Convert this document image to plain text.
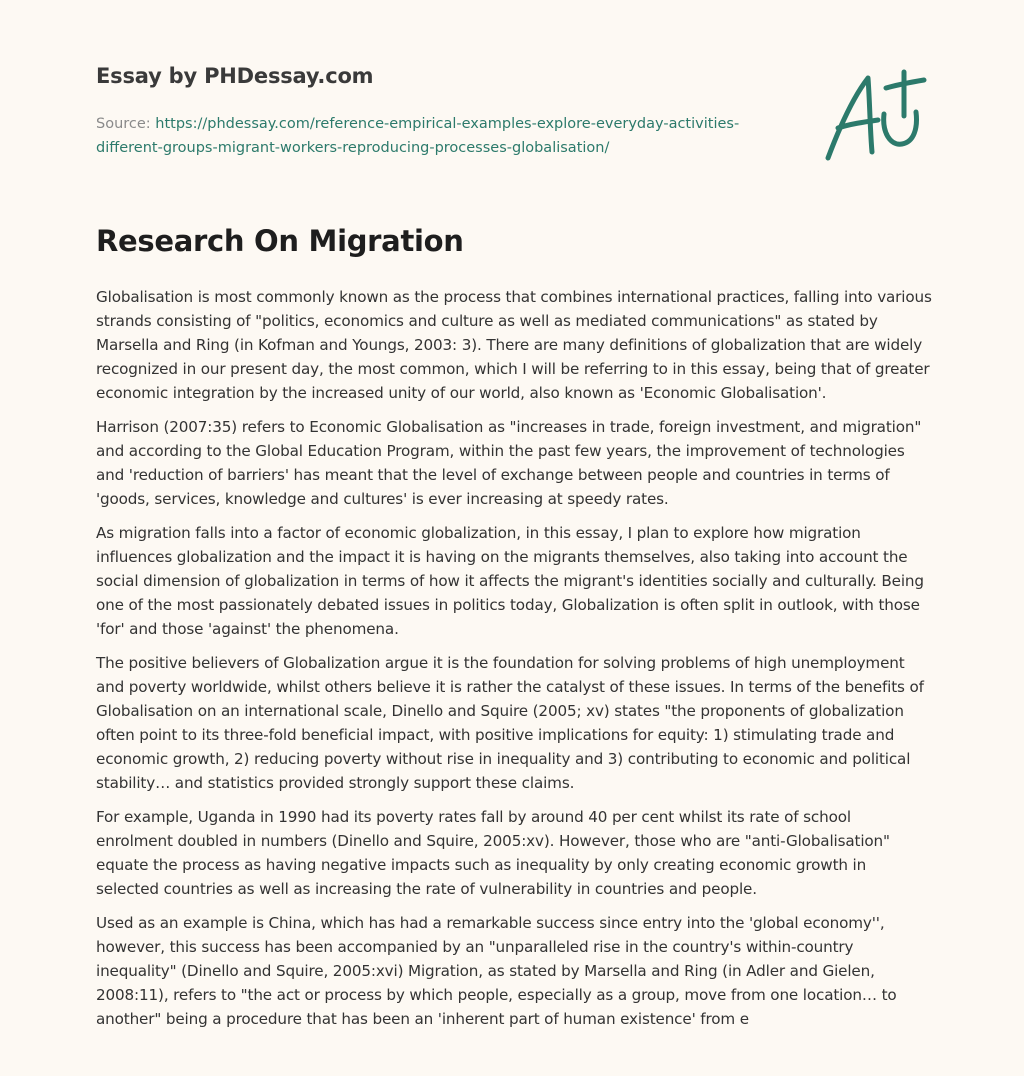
Essay by PHDessay.com
Source: https://phdessay.com/reference-empirical-examples-explore-everyday-activities-different-groups-migrant-workers-reproducing-processes-globalisation/
Research On Migration

Globalisation is most commonly known as the process that combines international practices, falling into various strands consisting of "politics, economics and culture as well as mediated communications" as stated by Marsella and Ring (in Kofman and Youngs, 2003: 3). There are many definitions of globalization that are widely recognized in our present day, the most common, which I will be referring to in this essay, being that of greater economic integration by the increased unity of our world, also known as 'Economic Globalisation'.

Harrison (2007:35) refers to Economic Globalisation as "increases in trade, foreign investment, and migration" and according to the Global Education Program, within the past few years, the improvement of technologies and 'reduction of barriers' has meant that the level of exchange between people and countries in terms of 'goods, services, knowledge and cultures' is ever increasing at speedy rates.

As migration falls into a factor of economic globalization, in this essay, I plan to explore how migration influences globalization and the impact it is having on the migrants themselves, also taking into account the social dimension of globalization in terms of how it affects the migrant's identities socially and culturally. Being one of the most passionately debated issues in politics today, Globalization is often split in outlook, with those 'for' and those 'against' the phenomena.

The positive believers of Globalization argue it is the foundation for solving problems of high unemployment and poverty worldwide, whilst others believe it is rather the catalyst of these issues. In terms of the benefits of Globalisation on an international scale, Dinello and Squire (2005; xv) states "the proponents of globalization often point to its three-fold beneficial impact, with positive implications for equity: 1) stimulating trade and economic growth, 2) reducing poverty without rise in inequality and 3) contributing to economic and political stability… and statistics provided strongly support these claims.

For example, Uganda in 1990 had its poverty rates fall by around 40 per cent whilst its rate of school enrolment doubled in numbers (Dinello and Squire, 2005:xv). However, those who are "anti-Globalisation" equate the process as having negative impacts such as inequality by only creating economic growth in selected countries as well as increasing the rate of vulnerability in countries and people.

Used as an example is China, which has had a remarkable success since entry into the 'global economy'', however, this success has been accompanied by an "unparalleled rise in the country's within-country inequality" (Dinello and Squire, 2005:xvi) Migration, as stated by Marsella and Ring (in Adler and Gielen, 2008:11), refers to "the act or process by which people, especially as a group, move from one location… to another" being a procedure that has been an 'inherent part of human existence' from e
